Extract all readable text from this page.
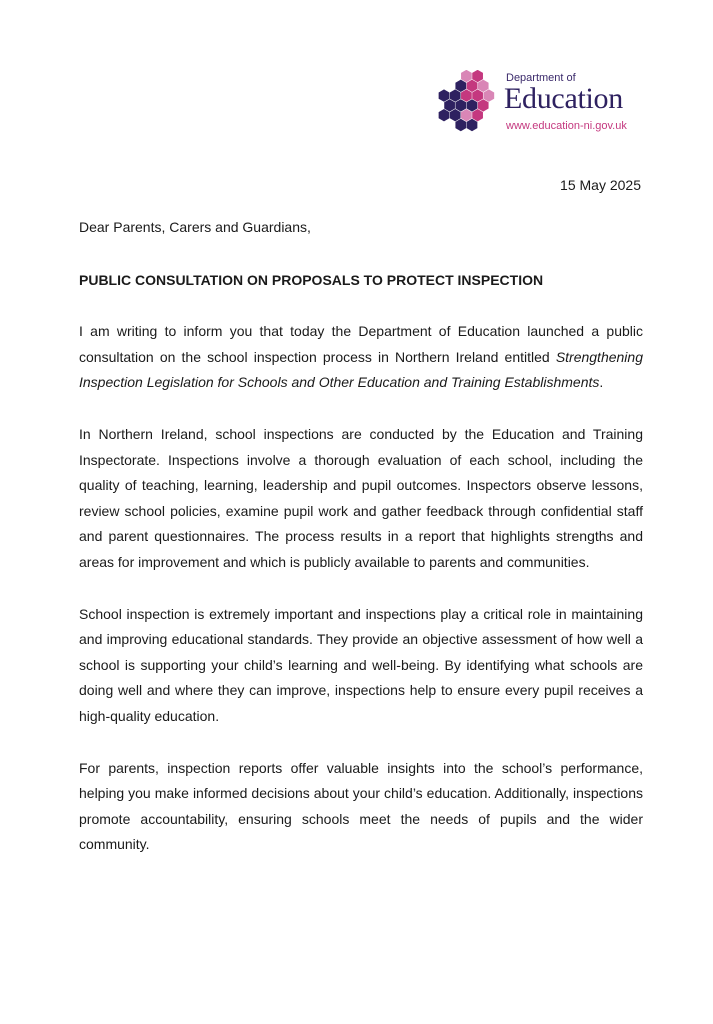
Department of
Education
www.education-ni.gov.uk
15 May 2025

Dear Parents, Carers and Guardians,

PUBLIC CONSULTATION ON PROPOSALS TO PROTECT INSPECTION

I am writing to inform you that today the Department of Education launched a public consultation on the school inspection process in Northern Ireland entitled Strengthening Inspection Legislation for Schools and Other Education and Training Establishments.

In Northern Ireland, school inspections are conducted by the Education and Training Inspectorate. Inspections involve a thorough evaluation of each school, including the quality of teaching, learning, leadership and pupil outcomes. Inspectors observe lessons, review school policies, examine pupil work and gather feedback through confidential staff and parent questionnaires. The process results in a report that highlights strengths and areas for improvement and which is publicly available to parents and communities.

School inspection is extremely important and inspections play a critical role in maintaining and improving educational standards. They provide an objective assessment of how well a school is supporting your child’s learning and well-being. By identifying what schools are doing well and where they can improve, inspections help to ensure every pupil receives a high-quality education.

For parents, inspection reports offer valuable insights into the school’s performance, helping you make informed decisions about your child’s education. Additionally, inspections promote accountability, ensuring schools meet the needs of pupils and the wider community.
